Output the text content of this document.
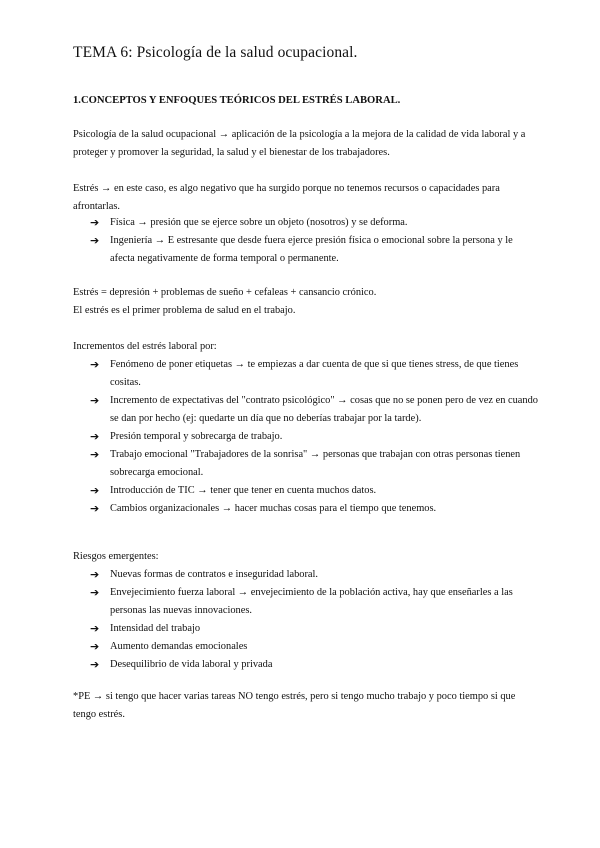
TEMA 6: Psicología de la salud ocupacional.
1.CONCEPTOS Y ENFOQUES TEÓRICOS DEL ESTRÉS LABORAL.
Psicología de la salud ocupacional → aplicación de la psicología a la mejora de la calidad de vida laboral y a proteger y promover la seguridad, la salud y el bienestar de los trabajadores.
Estrés → en este caso, es algo negativo que ha surgido porque no tenemos recursos o capacidades para afrontarlas.
➔ Física → presión que se ejerce sobre un objeto (nosotros) y se deforma.
➔ Ingeniería → E estresante que desde fuera ejerce presión física o emocional sobre la persona y le afecta negativamente de forma temporal o permanente.
Estrés = depresión + problemas de sueño + cefaleas + cansancio crónico.
El estrés es el primer problema de salud en el trabajo.
Incrementos del estrés laboral por:
➔ Fenómeno de poner etiquetas → te empiezas a dar cuenta de que si que tienes stress, de que tienes cositas.
➔ Incremento de expectativas del "contrato psicológico" → cosas que no se ponen pero de vez en cuando se dan por hecho (ej: quedarte un día que no deberías trabajar por la tarde).
➔ Presión temporal y sobrecarga de trabajo.
➔ Trabajo emocional "Trabajadores de la sonrisa" → personas que trabajan con otras personas tienen sobrecarga emocional.
➔ Introducción de TIC → tener que tener en cuenta muchos datos.
➔ Cambios organizacionales → hacer muchas cosas para el tiempo que tenemos.
Riesgos emergentes:
➔ Nuevas formas de contratos e inseguridad laboral.
➔ Envejecimiento fuerza laboral → envejecimiento de la población activa, hay que enseñarles a las personas las nuevas innovaciones.
➔ Intensidad del trabajo
➔ Aumento demandas emocionales
➔ Desequilibrio de vida laboral y privada
*PE → si tengo que hacer varias tareas NO tengo estrés, pero si tengo mucho trabajo y poco tiempo si que tengo estrés.
